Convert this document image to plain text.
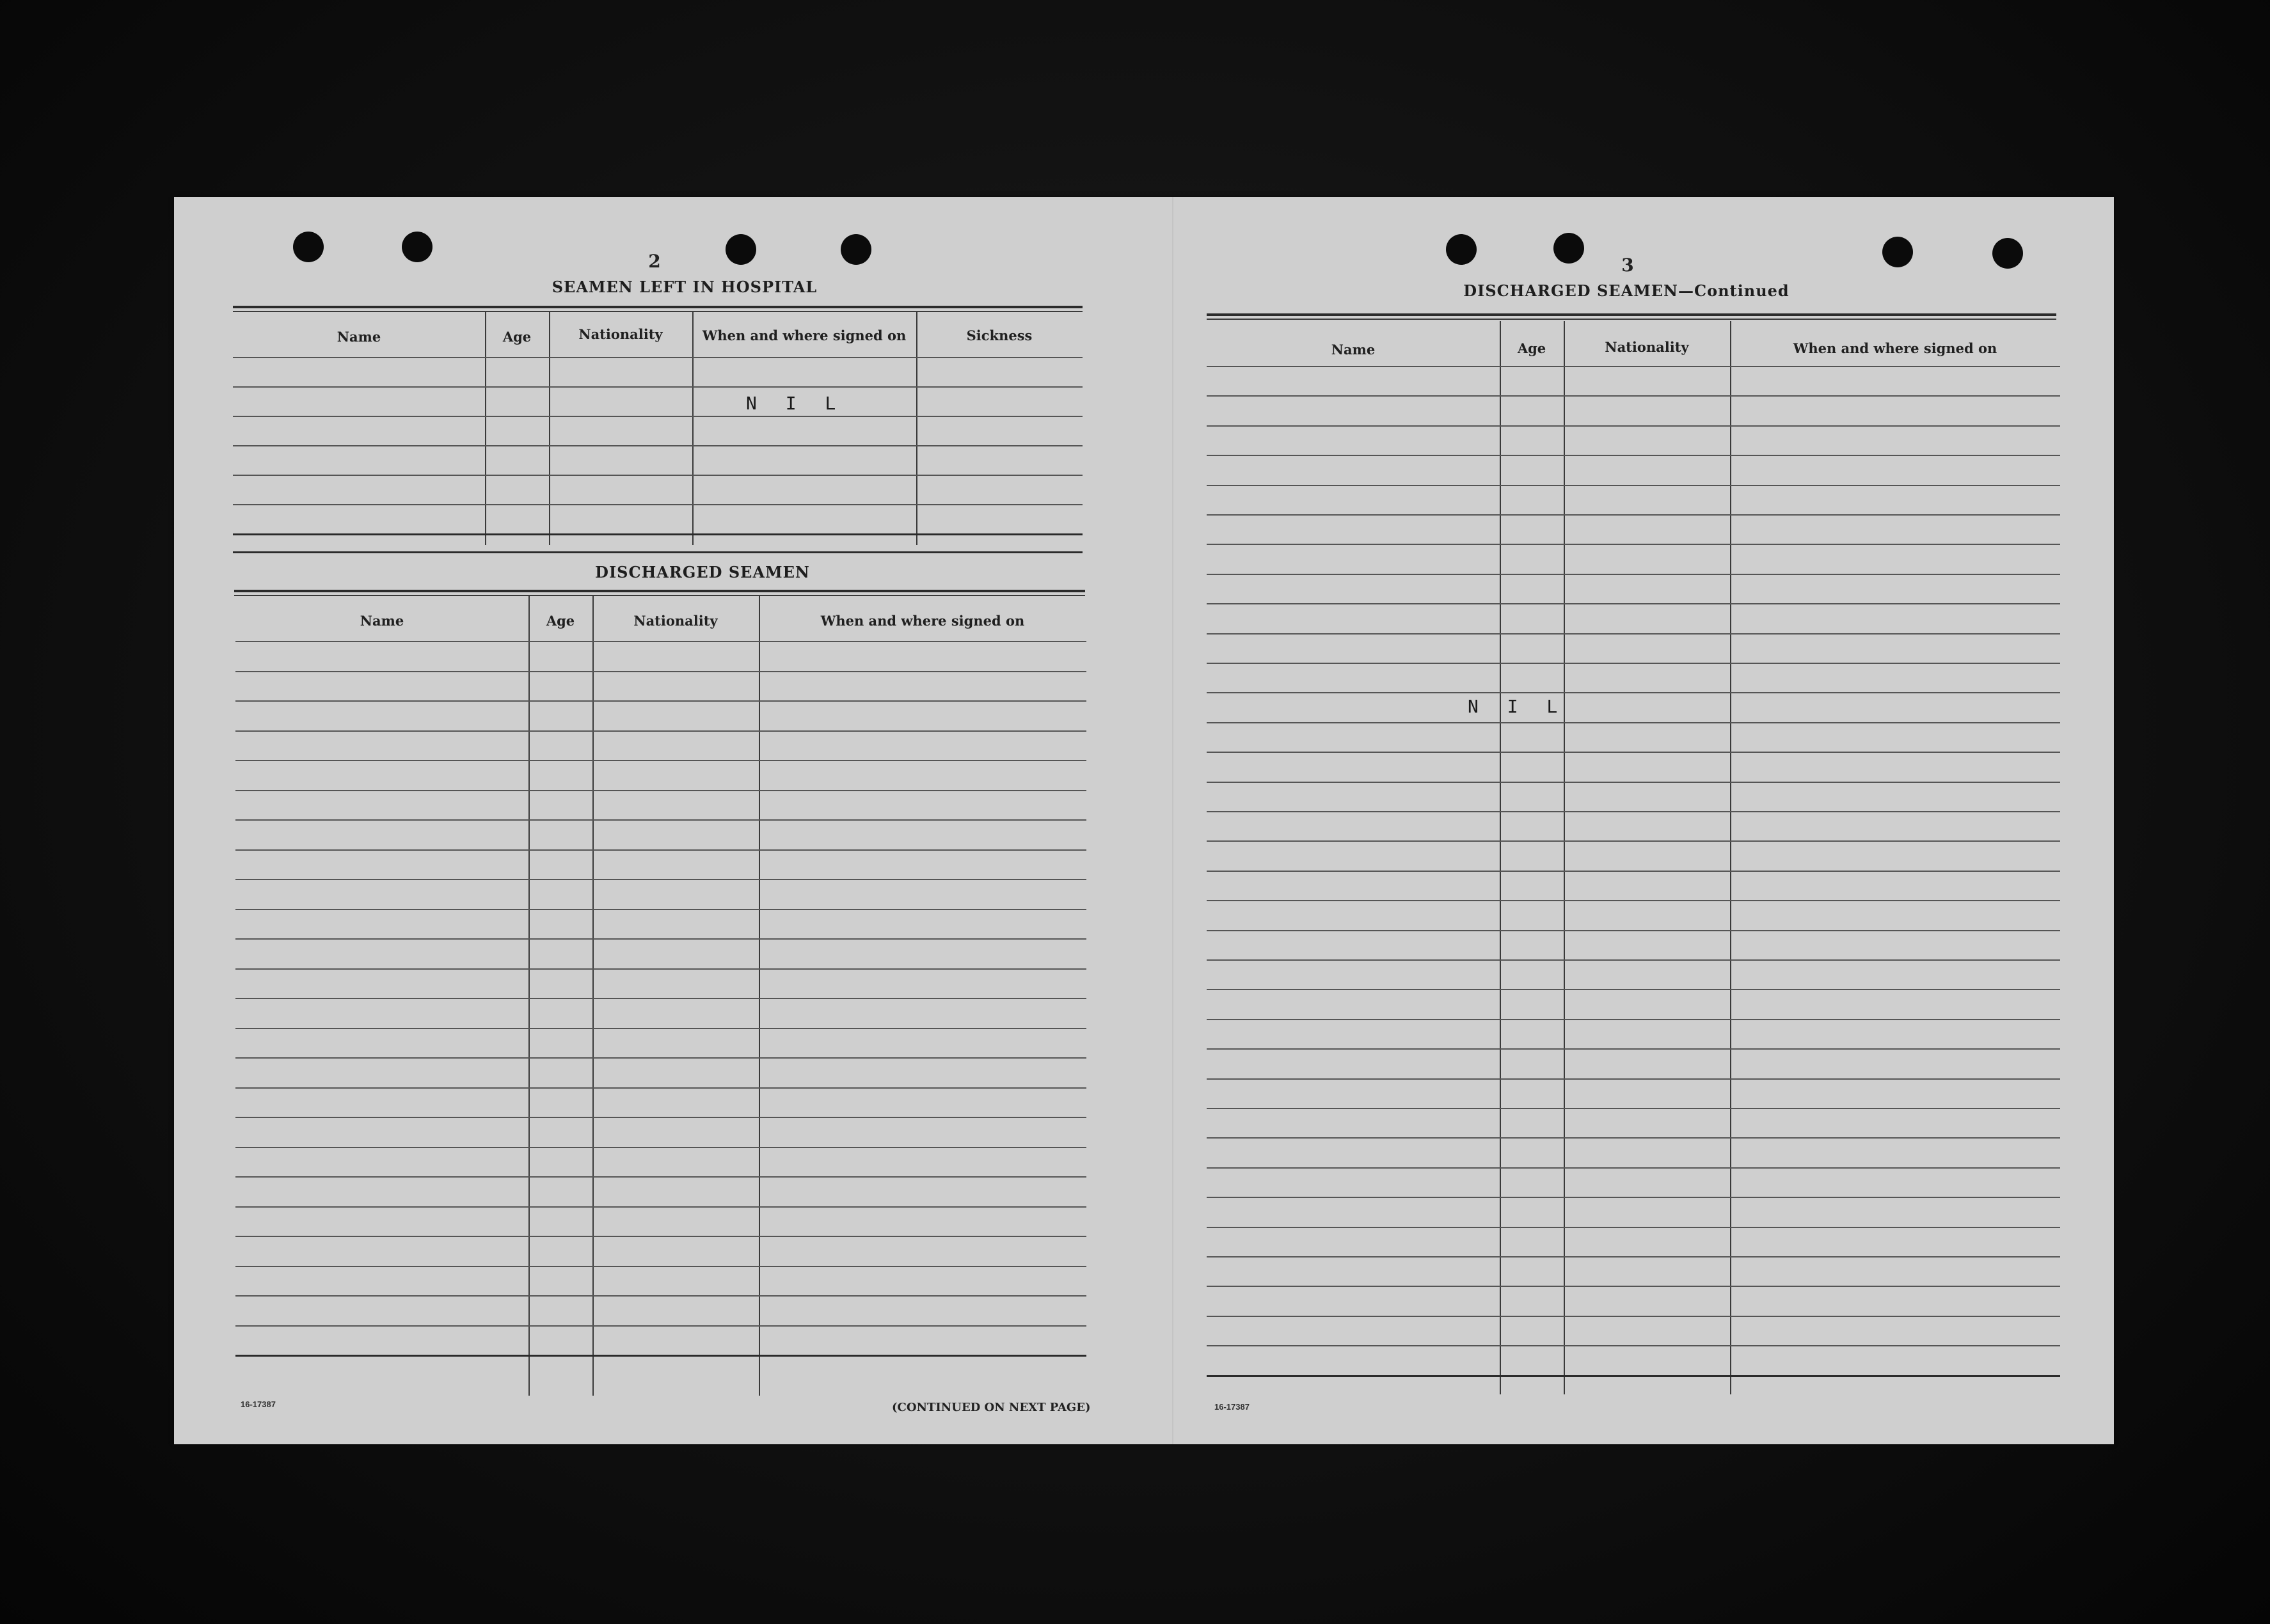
2
SEAMEN LEFT IN HOSPITAL
Name	Age	Nationality	When and where signed on	Sickness
N I L
DISCHARGED SEAMEN
Name	Age	Nationality	When and where signed on
16-17387	(CONTINUED ON NEXT PAGE)
3
DISCHARGED SEAMEN—Continued
Name	Age	Nationality	When and where signed on
N I L
16-17387
